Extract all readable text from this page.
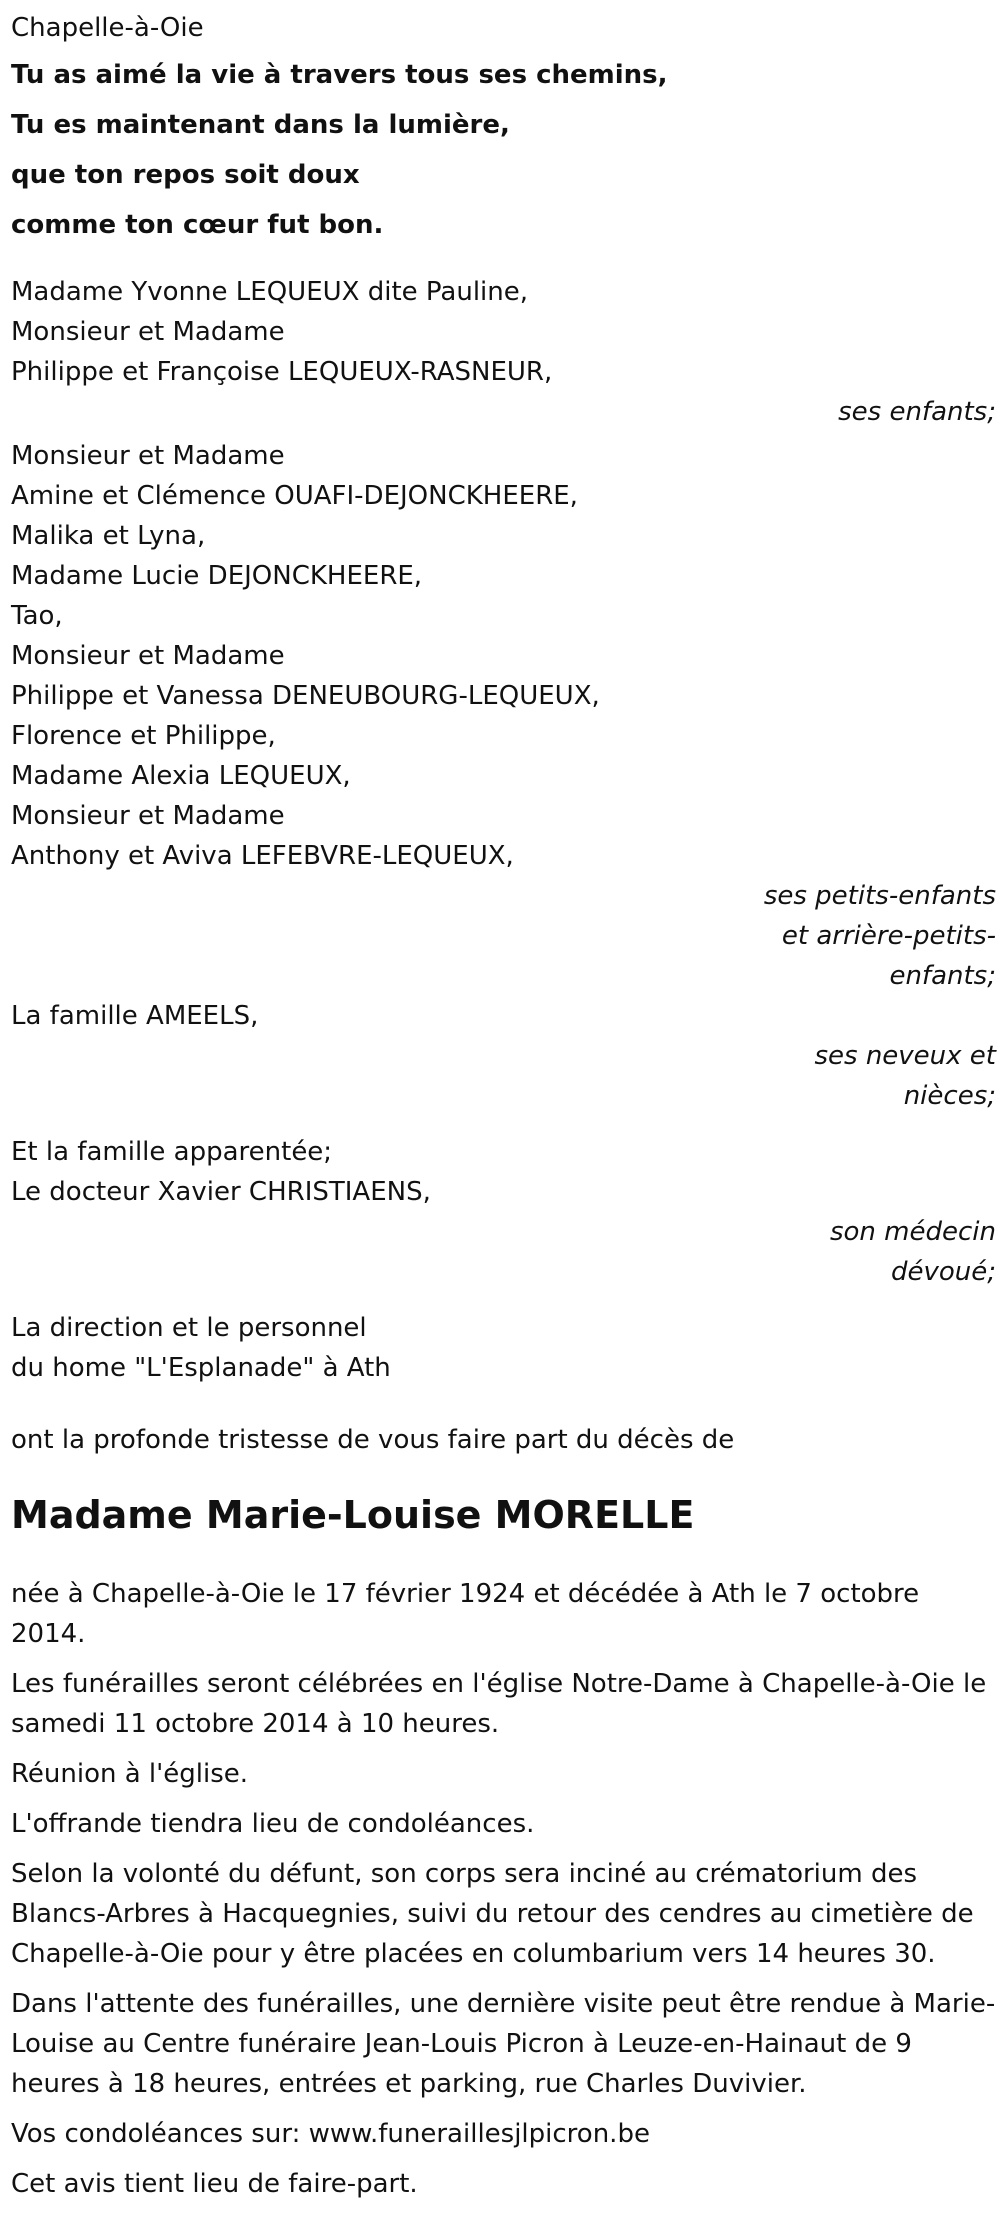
Chapelle-à-Oie
Tu as aimé la vie à travers tous ses chemins,
Tu es maintenant dans la lumière,
que ton repos soit doux
comme ton cœur fut bon.
Madame Yvonne LEQUEUX dite Pauline,
Monsieur et Madame
Philippe et Françoise LEQUEUX-RASNEUR,
ses enfants;
Monsieur et Madame
Amine et Clémence OUAFI-DEJONCKHEERE,
Malika et Lyna,
Madame Lucie DEJONCKHEERE,
Tao,
Monsieur et Madame
Philippe et Vanessa DENEUBOURG-LEQUEUX,
Florence et Philippe,
Madame Alexia LEQUEUX,
Monsieur et Madame
Anthony et Aviva LEFEBVRE-LEQUEUX,
ses petits-enfants
et arrière-petits-
enfants;
La famille AMEELS,
ses neveux et
nièces;
Et la famille apparentée;
Le docteur Xavier CHRISTIAENS,
son médecin
dévoué;
La direction et le personnel
du home "L'Esplanade" à Ath
ont la profonde tristesse de vous faire part du décès de
Madame Marie-Louise MORELLE
née à Chapelle-à-Oie le 17 février 1924 et décédée à Ath le 7 octobre 2014.
Les funérailles seront célébrées en l'église Notre-Dame à Chapelle-à-Oie le samedi 11 octobre 2014 à 10 heures.
Réunion à l'église.
L'offrande tiendra lieu de condoléances.
Selon la volonté du défunt, son corps sera inciné au crématorium des Blancs-Arbres à Hacquegnies, suivi du retour des cendres au cimetière de Chapelle-à-Oie pour y être placées en columbarium vers 14 heures 30.
Dans l'attente des funérailles, une dernière visite peut être rendue à Marie-Louise au Centre funéraire Jean-Louis Picron à Leuze-en-Hainaut de 9 heures à 18 heures, entrées et parking, rue Charles Duvivier.
Vos condoléances sur: www.funeraillesjlpicron.be
Cet avis tient lieu de faire-part.
